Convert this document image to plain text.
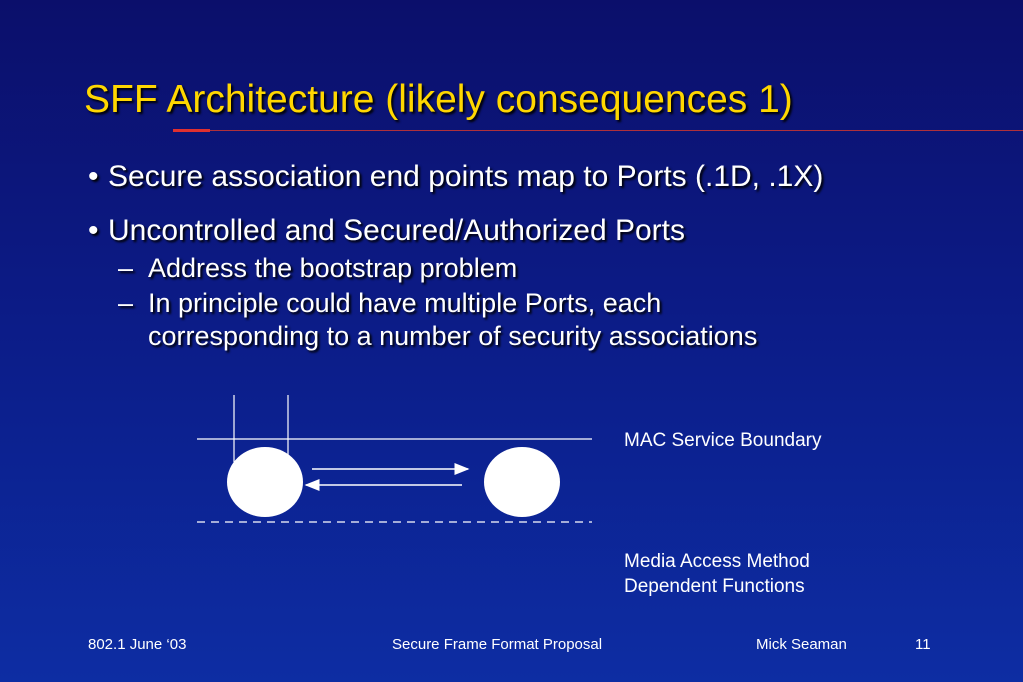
SFF Architecture (likely consequences 1)
• Secure association end points map to Ports (.1D, .1X)
• Uncontrolled and Secured/Authorized Ports
– Address the bootstrap problem
– In principle could have multiple Ports, each
corresponding to a number of security associations
MAC Service Boundary
Media Access Method
Dependent Functions
802.1 June ‘03	Secure Frame Format Proposal	Mick Seaman	11
